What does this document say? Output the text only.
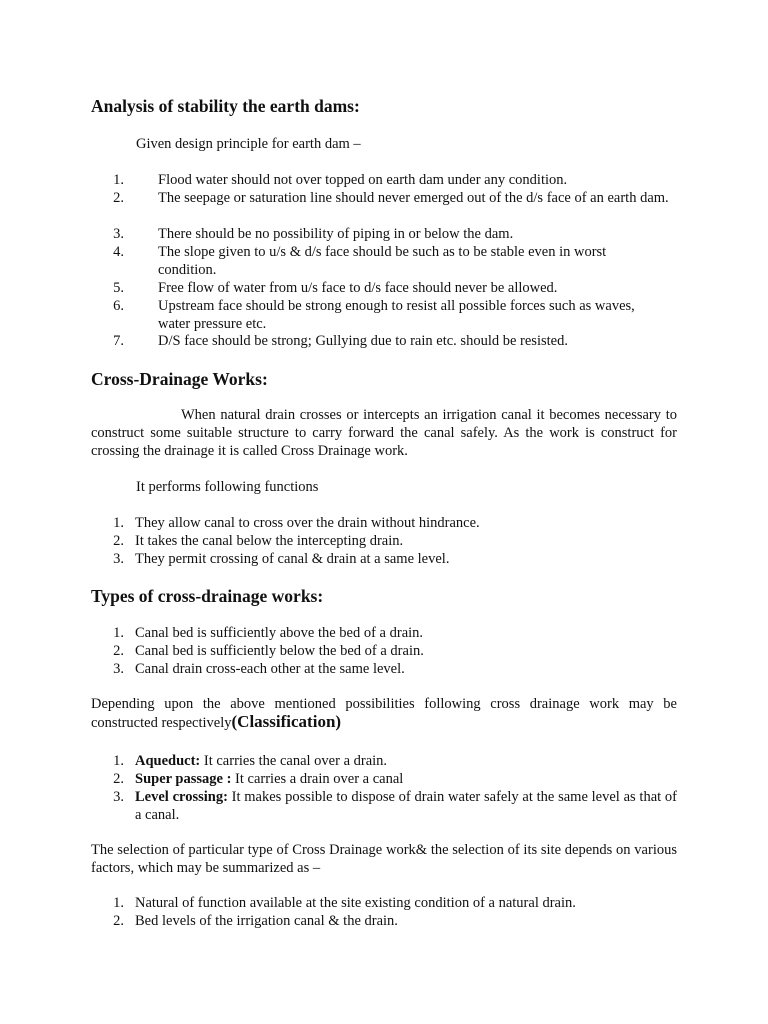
Analysis of stability the earth dams:

Given design principle for earth dam –

1. Flood water should not over topped on earth dam under any condition.
2. The seepage or saturation line should never emerged out of the d/s face of an earth dam.
3. There should be no possibility of piping in or below the dam.
4. The slope given to u/s & d/s face should be such as to be stable even in worst condition.
5. Free flow of water from u/s face to d/s face should never be allowed.
6. Upstream face should be strong enough to resist all possible forces such as waves, water pressure etc.
7. D/S face should be strong; Gullying due to rain etc. should be resisted.
Cross-Drainage Works:

When natural drain crosses or intercepts an irrigation canal it becomes necessary to construct some suitable structure to carry forward the canal safely. As the work is construct for crossing the drainage it is called Cross Drainage work.

It performs following functions

1. They allow canal to cross over the drain without hindrance.
2. It takes the canal below the intercepting drain.
3. They permit crossing of canal & drain at a same level.
Types of cross-drainage works:
1. Canal bed is sufficiently above the bed of a drain.
2. Canal bed is sufficiently below the bed of a drain.
3. Canal drain cross-each other at the same level.

Depending upon the above mentioned possibilities following cross drainage work may be constructed respectively(Classification)

1. Aqueduct: It carries the canal over a drain.
2. Super passage : It carries a drain over a canal
3. Level crossing: It makes possible to dispose of drain water safely at the same level as that of a canal.

The selection of particular type of Cross Drainage work& the selection of its site depends on various factors, which may be summarized as –

1. Natural of function available at the site existing condition of a natural drain.
2. Bed levels of the irrigation canal & the drain.
